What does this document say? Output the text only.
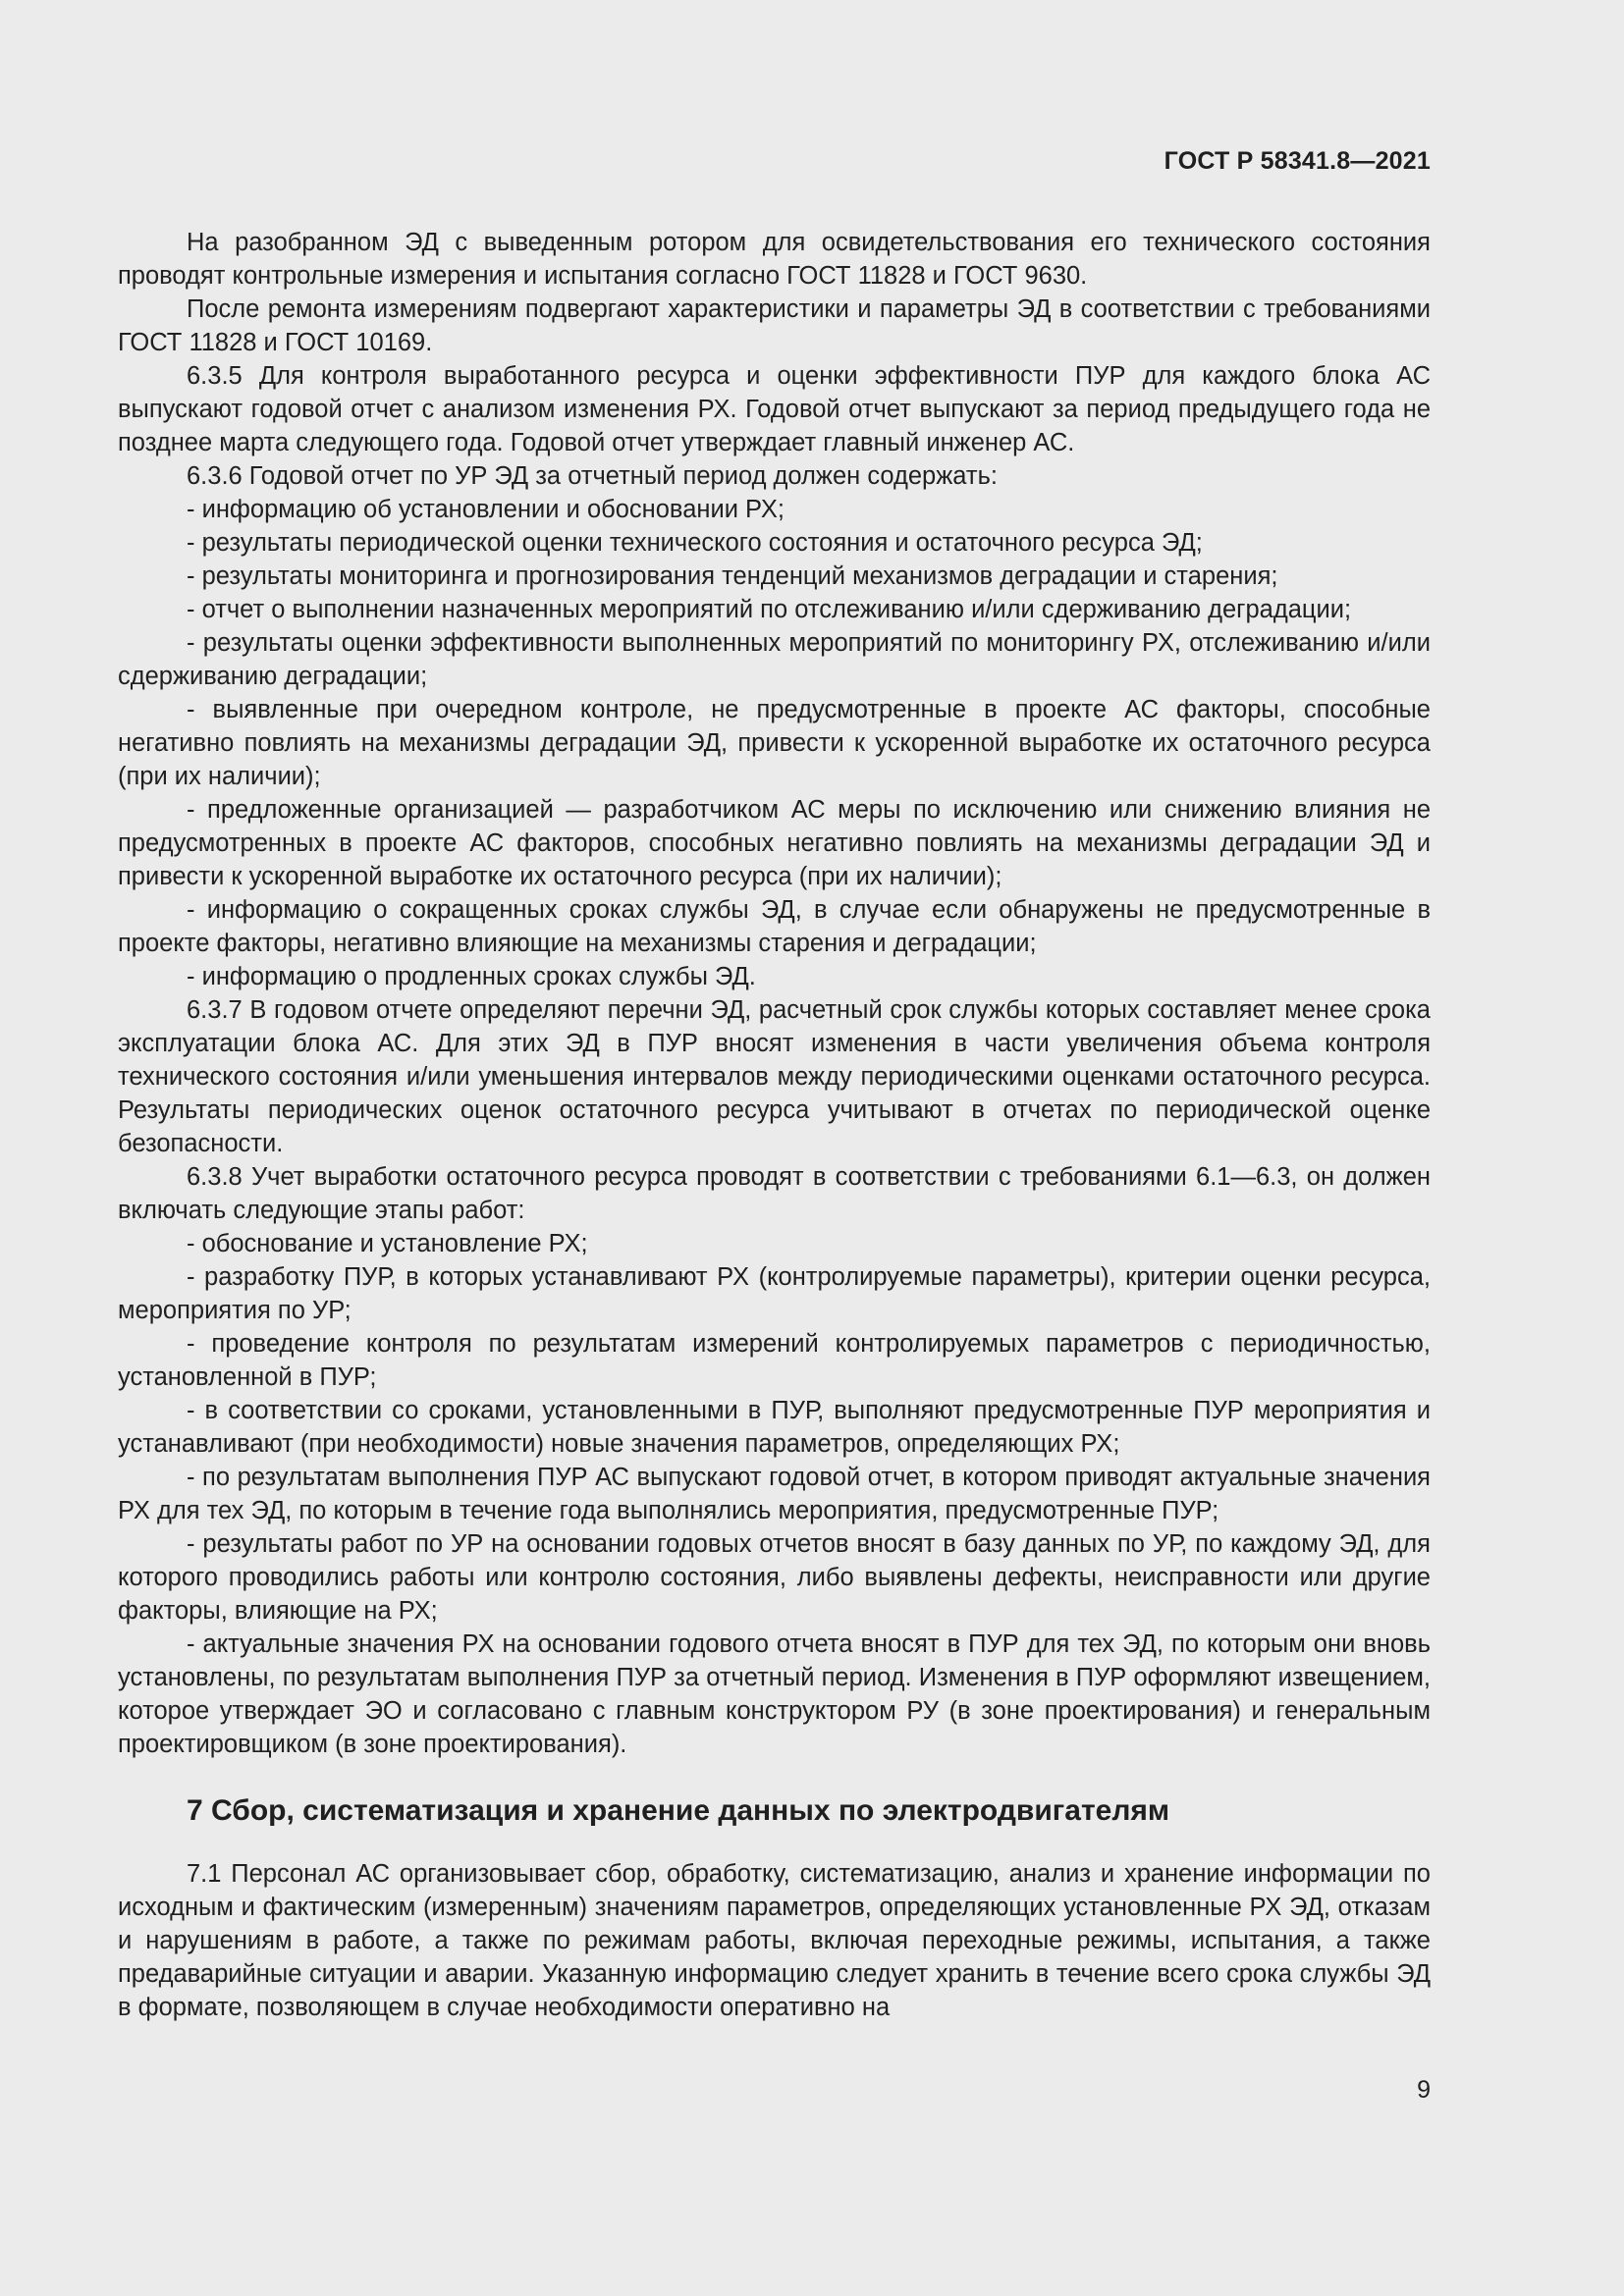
ГОСТ Р 58341.8—2021

На разобранном ЭД с выведенным ротором для освидетельствования его технического состояния проводят контрольные измерения и испытания согласно ГОСТ 11828 и ГОСТ 9630.

После ремонта измерениям подвергают характеристики и параметры ЭД в соответствии с требованиями ГОСТ 11828 и ГОСТ 10169.

6.3.5 Для контроля выработанного ресурса и оценки эффективности ПУР для каждого блока АС выпускают годовой отчет с анализом изменения РХ. Годовой отчет выпускают за период предыдущего года не позднее марта следующего года. Годовой отчет утверждает главный инженер АС.

6.3.6 Годовой отчет по УР ЭД за отчетный период должен содержать:

- информацию об установлении и обосновании РХ;

- результаты периодической оценки технического состояния и остаточного ресурса ЭД;

- результаты мониторинга и прогнозирования тенденций механизмов деградации и старения;

- отчет о выполнении назначенных мероприятий по отслеживанию и/или сдерживанию деградации;

- результаты оценки эффективности выполненных мероприятий по мониторингу РХ, отслеживанию и/или сдерживанию деградации;

- выявленные при очередном контроле, не предусмотренные в проекте АС факторы, способные негативно повлиять на механизмы деградации ЭД, привести к ускоренной выработке их остаточного ресурса (при их наличии);

- предложенные организацией — разработчиком АС меры по исключению или снижению влияния не предусмотренных в проекте АС факторов, способных негативно повлиять на механизмы деградации ЭД и привести к ускоренной выработке их остаточного ресурса (при их наличии);

- информацию о сокращенных сроках службы ЭД, в случае если обнаружены не предусмотренные в проекте факторы, негативно влияющие на механизмы старения и деградации;

- информацию о продленных сроках службы ЭД.

6.3.7 В годовом отчете определяют перечни ЭД, расчетный срок службы которых составляет менее срока эксплуатации блока АС. Для этих ЭД в ПУР вносят изменения в части увеличения объема контроля технического состояния и/или уменьшения интервалов между периодическими оценками остаточного ресурса. Результаты периодических оценок остаточного ресурса учитывают в отчетах по периодической оценке безопасности.

6.3.8 Учет выработки остаточного ресурса проводят в соответствии с требованиями 6.1—6.3, он должен включать следующие этапы работ:

- обоснование и установление РХ;

- разработку ПУР, в которых устанавливают РХ (контролируемые параметры), критерии оценки ресурса, мероприятия по УР;

- проведение контроля по результатам измерений контролируемых параметров с периодичностью, установленной в ПУР;

- в соответствии со сроками, установленными в ПУР, выполняют предусмотренные ПУР мероприятия и устанавливают (при необходимости) новые значения параметров, определяющих РХ;

- по результатам выполнения ПУР АС выпускают годовой отчет, в котором приводят актуальные значения РХ для тех ЭД, по которым в течение года выполнялись мероприятия, предусмотренные ПУР;

- результаты работ по УР на основании годовых отчетов вносят в базу данных по УР, по каждому ЭД, для которого проводились работы или контролю состояния, либо выявлены дефекты, неисправности или другие факторы, влияющие на РХ;

- актуальные значения РХ на основании годового отчета вносят в ПУР для тех ЭД, по которым они вновь установлены, по результатам выполнения ПУР за отчетный период. Изменения в ПУР оформляют извещением, которое утверждает ЭО и согласовано с главным конструктором РУ (в зоне проектирования) и генеральным проектировщиком (в зоне проектирования).

7 Сбор, систематизация и хранение данных по электродвигателям

7.1 Персонал АС организовывает сбор, обработку, систематизацию, анализ и хранение информации по исходным и фактическим (измеренным) значениям параметров, определяющих установленные РХ ЭД, отказам и нарушениям в работе, а также по режимам работы, включая переходные режимы, испытания, а также предаварийные ситуации и аварии. Указанную информацию следует хранить в течение всего срока службы ЭД в формате, позволяющем в случае необходимости оперативно на

9
